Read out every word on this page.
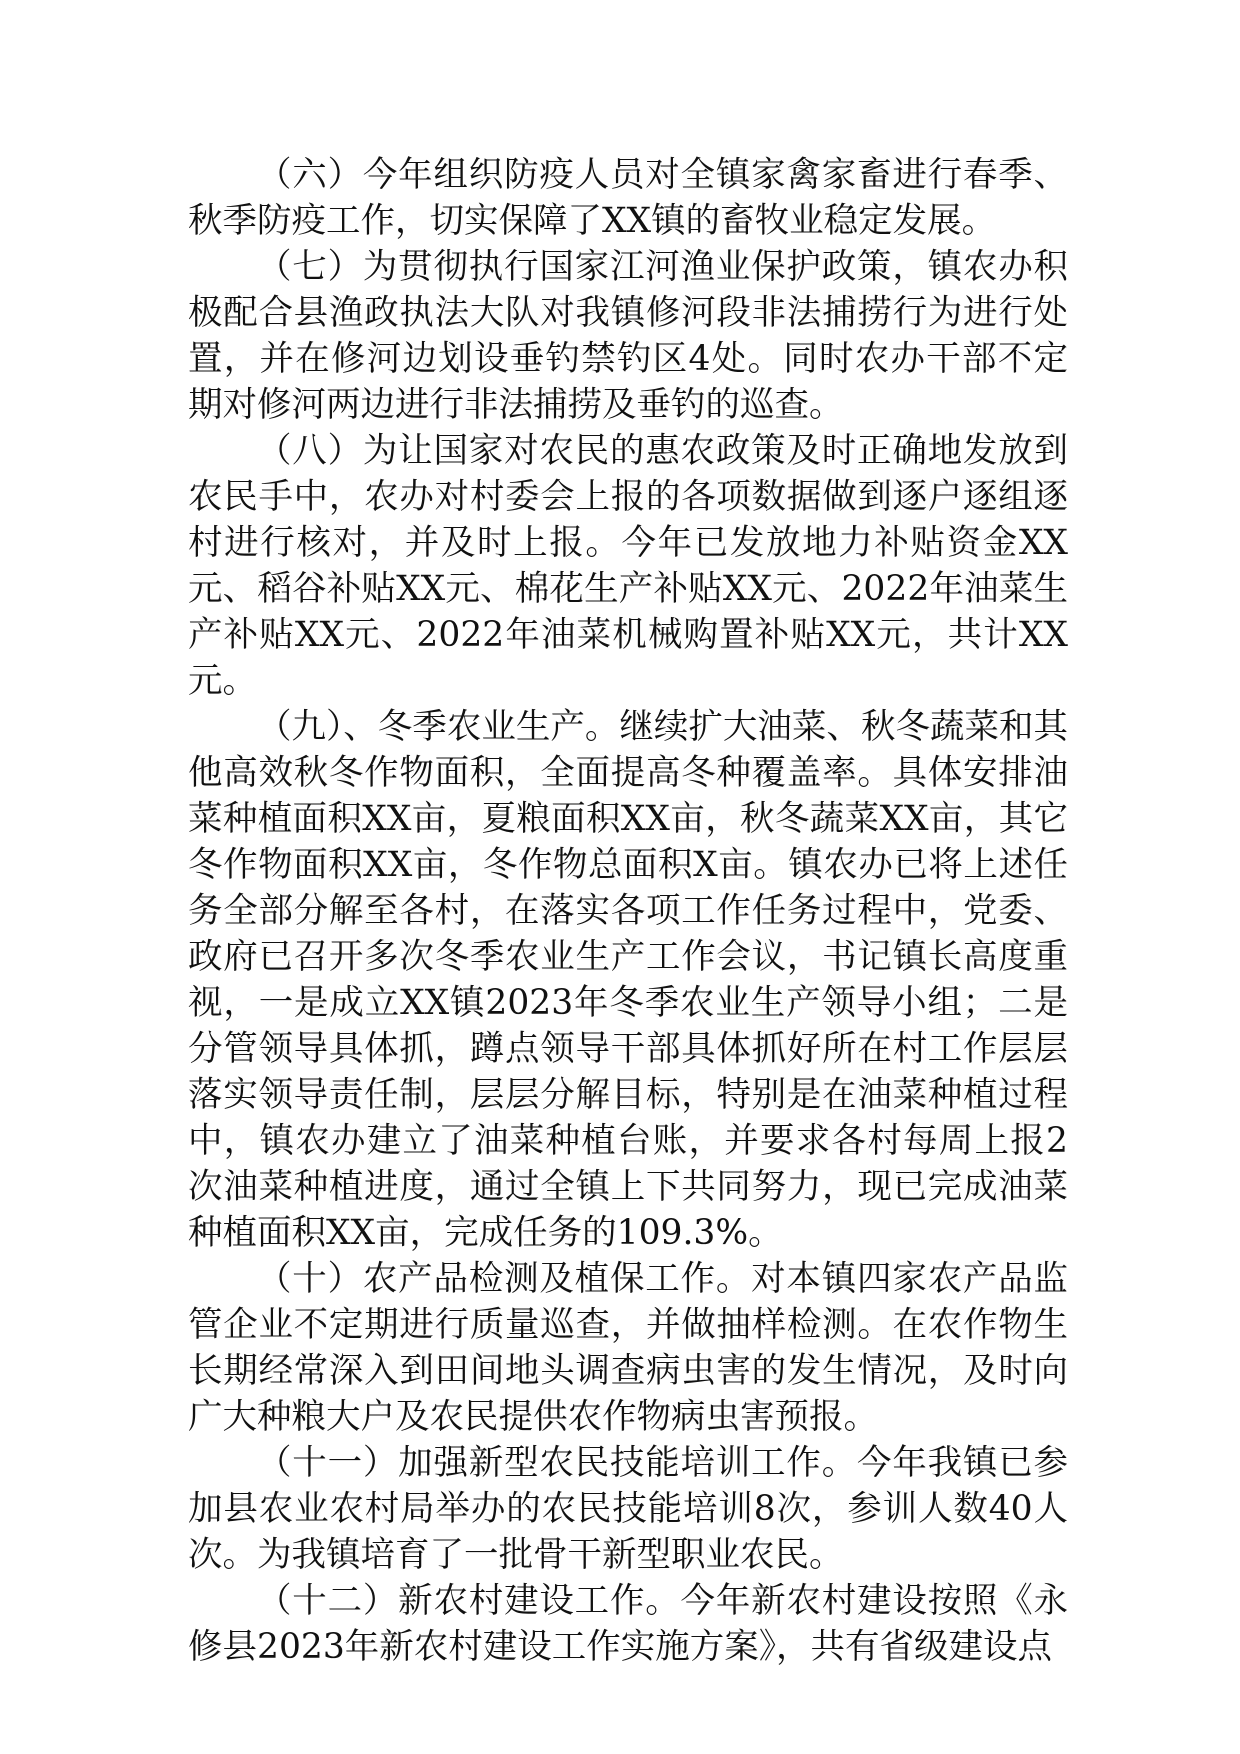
（六）今年组织防疫人员对全镇家禽家畜进行春季、秋季防疫工作，切实保障了XX镇的畜牧业稳定发展。

（七）为贯彻执行国家江河渔业保护政策，镇农办积极配合县渔政执法大队对我镇修河段非法捕捞行为进行处置，并在修河边划设垂钓禁钓区4处。同时农办干部不定期对修河两边进行非法捕捞及垂钓的巡查。

（八）为让国家对农民的惠农政策及时正确地发放到农民手中，农办对村委会上报的各项数据做到逐户逐组逐村进行核对，并及时上报。今年已发放地力补贴资金XX元、稻谷补贴XX元、棉花生产补贴XX元、2022年油菜生产补贴XX元、2022年油菜机械购置补贴XX元，共计XX元。

（九）、冬季农业生产。继续扩大油菜、秋冬蔬菜和其他高效秋冬作物面积，全面提高冬种覆盖率。具体安排油菜种植面积XX亩，夏粮面积XX亩，秋冬蔬菜XX亩，其它冬作物面积XX亩，冬作物总面积X亩。镇农办已将上述任务全部分解至各村，在落实各项工作任务过程中，党委、政府已召开多次冬季农业生产工作会议，书记镇长高度重视，一是成立XX镇2023年冬季农业生产领导小组；二是分管领导具体抓，蹲点领导干部具体抓好所在村工作层层落实领导责任制，层层分解目标，特别是在油菜种植过程中，镇农办建立了油菜种植台账，并要求各村每周上报2次油菜种植进度，通过全镇上下共同努力，现已完成油菜种植面积XX亩，完成任务的109.3%。

（十）农产品检测及植保工作。对本镇四家农产品监管企业不定期进行质量巡查，并做抽样检测。在农作物生长期经常深入到田间地头调查病虫害的发生情况，及时向广大种粮大户及农民提供农作物病虫害预报。

（十一）加强新型农民技能培训工作。今年我镇已参加县农业农村局举办的农民技能培训8次，参训人数40人次。为我镇培育了一批骨干新型职业农民。

（十二）新农村建设工作。今年新农村建设按照《永修县2023年新农村建设工作实施方案》，共有省级建设点
